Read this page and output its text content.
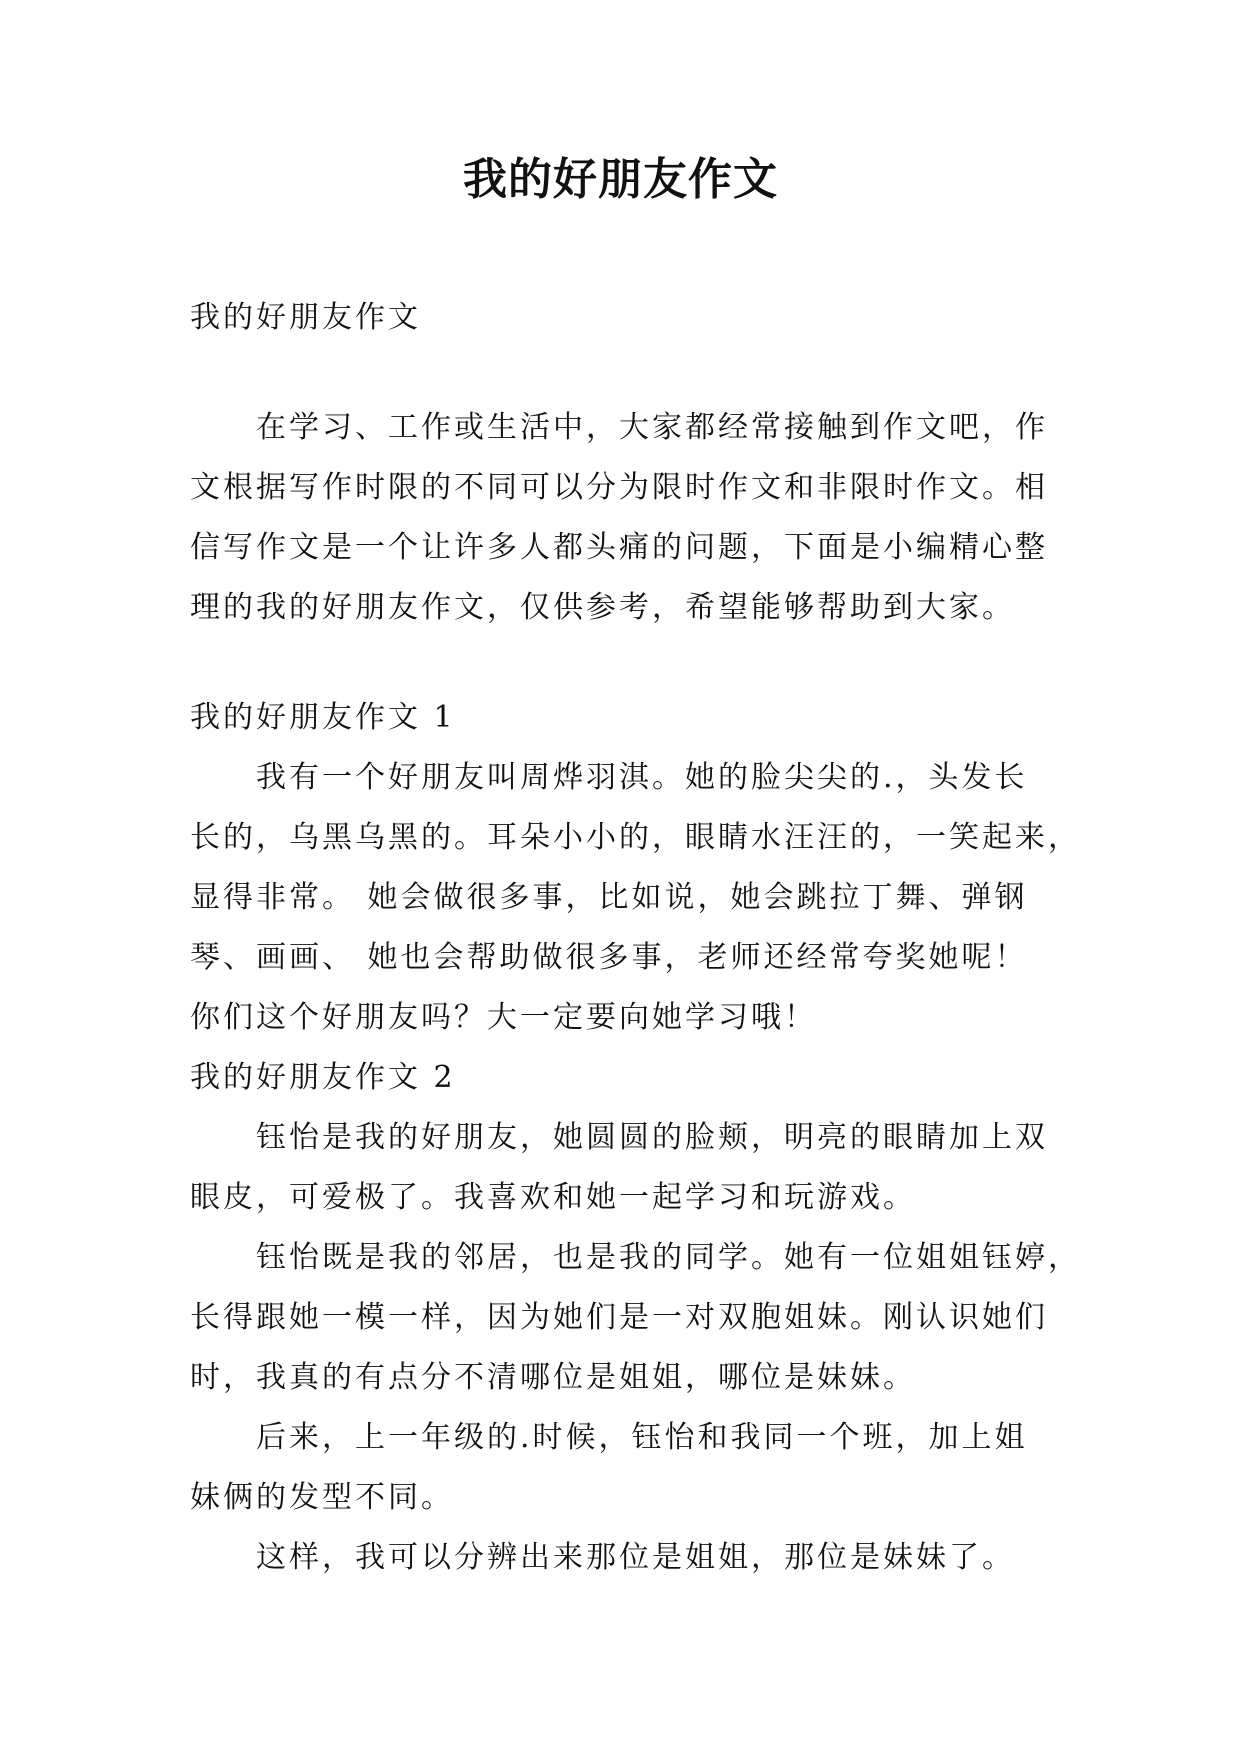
我的好朋友作文
我的好朋友作文
在学习、工作或生活中，大家都经常接触到作文吧，作
文根据写作时限的不同可以分为限时作文和非限时作文。相
信写作文是一个让许多人都头痛的问题，下面是小编精心整
理的我的好朋友作文，仅供参考，希望能够帮助到大家。
我的好朋友作文 1
我有一个好朋友叫周烨羽淇。她的脸尖尖的.，头发长
长的，乌黑乌黑的。耳朵小小的，眼睛水汪汪的，一笑起来，
显得非常。 她会做很多事，比如说，她会跳拉丁舞、弹钢
琴、画画、 她也会帮助做很多事，老师还经常夸奖她呢！
你们这个好朋友吗？大一定要向她学习哦！
我的好朋友作文 2
钰怡是我的好朋友，她圆圆的脸颊，明亮的眼睛加上双
眼皮，可爱极了。我喜欢和她一起学习和玩游戏。
钰怡既是我的邻居，也是我的同学。她有一位姐姐钰婷，
长得跟她一模一样，因为她们是一对双胞姐妹。刚认识她们
时，我真的有点分不清哪位是姐姐，哪位是妹妹。
后来，上一年级的.时候，钰怡和我同一个班，加上姐
妹俩的发型不同。
这样，我可以分辨出来那位是姐姐，那位是妹妹了。
